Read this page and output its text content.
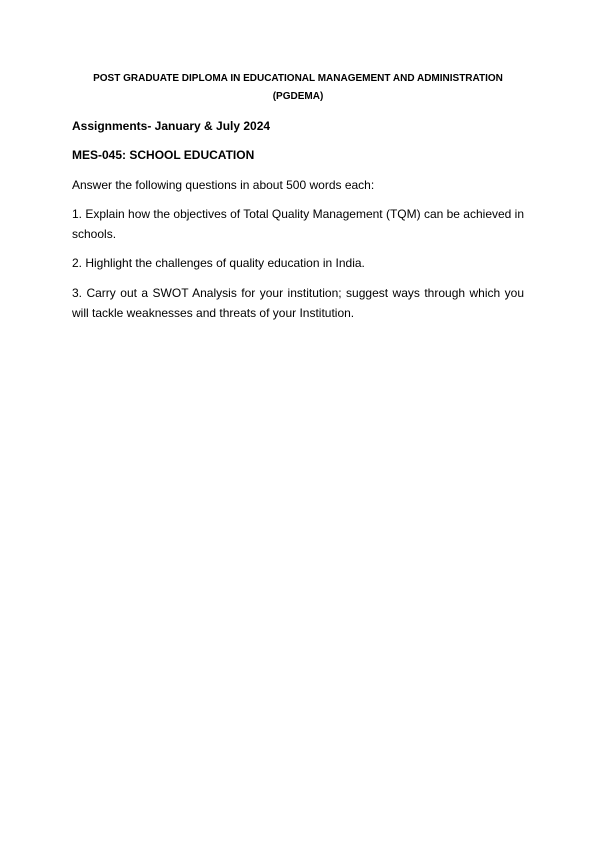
POST GRADUATE DIPLOMA IN EDUCATIONAL MANAGEMENT AND ADMINISTRATION
(PGDEMA)
Assignments- January & July 2024
MES-045: SCHOOL EDUCATION
Answer the following questions in about 500 words each:
1. Explain how the objectives of Total Quality Management (TQM) can be achieved in schools.
2. Highlight the challenges of quality education in India.
3. Carry out a SWOT Analysis for your institution; suggest ways through which you will tackle weaknesses and threats of your Institution.
